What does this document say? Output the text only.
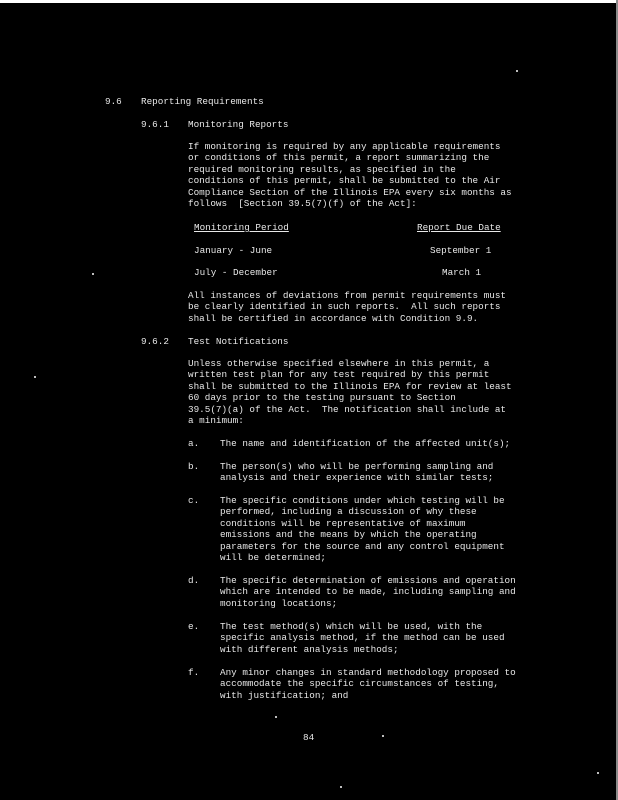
9.6 Reporting Requirements
9.6.1 Monitoring Reports
If monitoring is required by any applicable requirements
or conditions of this permit, a report summarizing the
required monitoring results, as specified in the
conditions of this permit, shall be submitted to the Air
Compliance Section of the Illinois EPA every six months as
follows  [Section 39.5(7)(f) of the Act]:
Monitoring Period	Report Due Date
January - June	September 1
July - December	March 1
All instances of deviations from permit requirements must
be clearly identified in such reports.  All such reports
shall be certified in accordance with Condition 9.9.
9.6.2 Test Notifications
Unless otherwise specified elsewhere in this permit, a
written test plan for any test required by this permit
shall be submitted to the Illinois EPA for review at least
60 days prior to the testing pursuant to Section
39.5(7)(a) of the Act.  The notification shall include at
a minimum:
a. The name and identification of the affected unit(s);
b. The person(s) who will be performing sampling and
analysis and their experience with similar tests;
c. The specific conditions under which testing will be
performed, including a discussion of why these
conditions will be representative of maximum
emissions and the means by which the operating
parameters for the source and any control equipment
will be determined;
d. The specific determination of emissions and operation
which are intended to be made, including sampling and
monitoring locations;
e. The test method(s) which will be used, with the
specific analysis method, if the method can be used
with different analysis methods;
f. Any minor changes in standard methodology proposed to
accommodate the specific circumstances of testing,
with justification; and
84
